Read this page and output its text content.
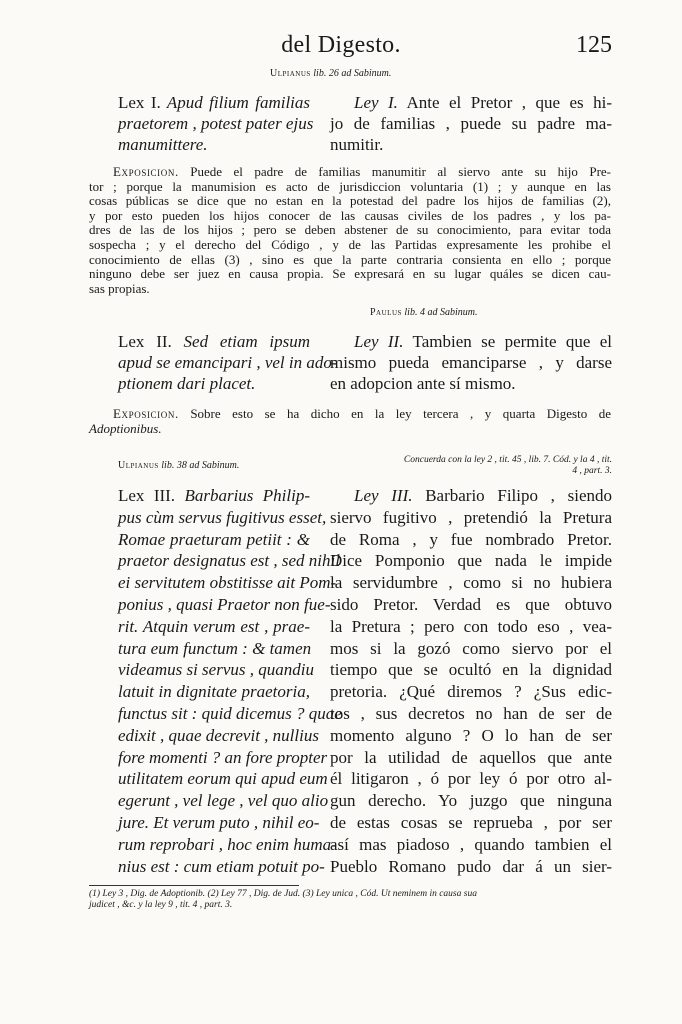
del Digesto.	125
Ulpianus lib. 26 ad Sabinum.
Lex I. Apud filium familias
praetorem , potest pater ejus
manumittere.
Ley I. Ante el Pretor , que es hi-
jo de familias , puede su padre ma-
numitir.
Exposicion. Puede el padre de familias manumitir al siervo ante su hijo Pre-
tor ; porque la manumision es acto de jurisdiccion voluntaria (1) ; y aunque en las
cosas públicas se dice que no estan en la potestad del padre los hijos de familias (2),
y por esto pueden los hijos conocer de las causas civiles de los padres , y los pa-
dres de las de los hijos ; pero se deben abstener de su conocimiento, para evitar toda
sospecha ; y el derecho del Código , y de las Partidas expresamente les prohibe el
conocimiento de ellas (3) , sino es que la parte contraria consienta en ello ; porque
ninguno debe ser juez en causa propia. Se expresará en su lugar quáles se dicen cau-
sas propias.
Paulus lib. 4 ad Sabinum.
Lex II. Sed etiam ipsum
apud se emancipari , vel in ado-
ptionem dari placet.
Ley II. Tambien se permite que el
mismo pueda emanciparse , y darse
en adopcion ante sí mismo.
Exposicion. Sobre esto se ha dicho en la ley tercera , y quarta Digesto de
Adoptionibus.
Ulpianus lib. 38 ad Sabinum.	Concuerda con la ley 2 , tit. 45 , lib. 7. Cód. y la 4 , tit.
4 , part. 3.
Lex III. Barbarius Philip-
pus cùm servus fugitivus esset,
Romae praeturam petiit : &
praetor designatus est , sed nihil
ei servitutem obstitisse ait Pom-
ponius , quasi Praetor non fue-
rit. Atquin verum est , prae-
tura eum functum : & tamen
videamus si servus , quandiu
latuit in dignitate praetoria,
functus sit : quid dicemus ? quae
edixit , quae decrevit , nullius
fore momenti ? an fore propter
utilitatem eorum qui apud eum
egerunt , vel lege , vel quo alio
jure. Et verum puto , nihil eo-
rum reprobari , hoc enim huma-
nius est : cum etiam potuit po-
Ley III. Barbario Filipo , siendo
siervo fugitivo , pretendió la Pretura
de Roma , y fue nombrado Pretor.
Dice Pomponio que nada le impide
la servidumbre , como si no hubiera
sido Pretor. Verdad es que obtuvo
la Pretura ; pero con todo eso , vea-
mos si la gozó como siervo por el
tiempo que se ocultó en la dignidad
pretoria. ¿Qué diremos ? ¿Sus edic-
tos , sus decretos no han de ser de
momento alguno ? O lo han de ser
por la utilidad de aquellos que ante
él litigaron , ó por ley ó por otro al-
gun derecho. Yo juzgo que ninguna
de estas cosas se reprueba , por ser
así mas piadoso , quando tambien el
Pueblo Romano pudo dar á un sier-
(1) Ley 3 , Dig. de Adoptionib. (2) Ley 77 , Dig. de Jud. (3) Ley unica , Cód. Ut neminem in causa sua
judicet , &c. y la ley 9 , tit. 4 , part. 3.
